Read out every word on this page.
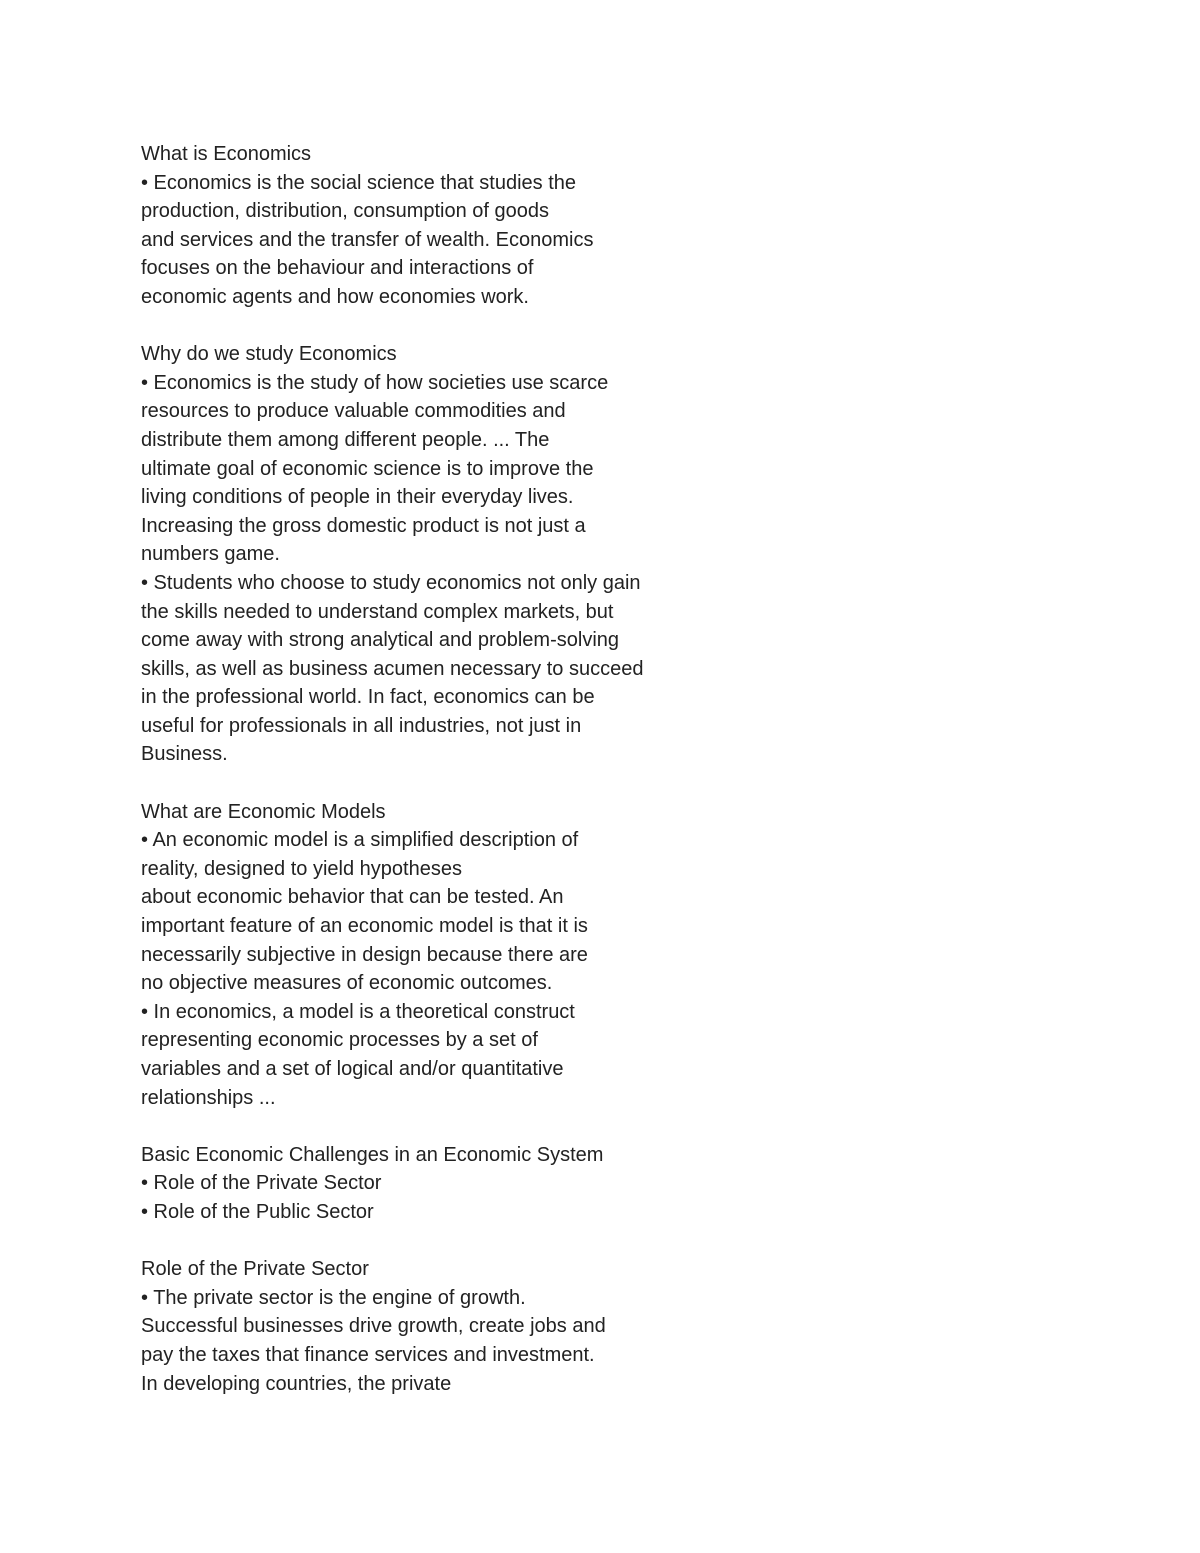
What is Economics
• Economics is the social science that studies the
production, distribution, consumption of goods
and services and the transfer of wealth. Economics
focuses on the behaviour and interactions of
economic agents and how economies work.
Why do we study Economics
• Economics is the study of how societies use scarce
resources to produce valuable commodities and
distribute them among different people. ... The
ultimate goal of economic science is to improve the
living conditions of people in their everyday lives.
Increasing the gross domestic product is not just a
numbers game.
• Students who choose to study economics not only gain
the skills needed to understand complex markets, but
come away with strong analytical and problem-solving
skills, as well as business acumen necessary to succeed
in the professional world. In fact, economics can be
useful for professionals in all industries, not just in
Business.
What are Economic Models
• An economic model is a simplified description of
reality, designed to yield hypotheses
about economic behavior that can be tested. An
important feature of an economic model is that it is
necessarily subjective in design because there are
no objective measures of economic outcomes.
• In economics, a model is a theoretical construct
representing economic processes by a set of
variables and a set of logical and/or quantitative
relationships ...
Basic Economic Challenges in an Economic System
• Role of the Private Sector
• Role of the Public Sector
Role of the Private Sector
• The private sector is the engine of growth.
Successful businesses drive growth, create jobs and
pay the taxes that finance services and investment.
In developing countries, the private
